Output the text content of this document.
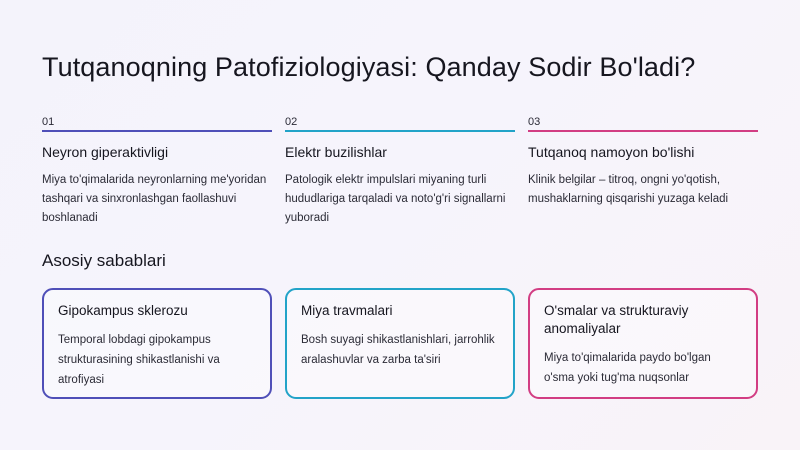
Tutqanoqning Patofiziologiyasi: Qanday Sodir Bo'ladi?
01
Neyron giperaktivligi
Miya to'qimalarida neyronlarning me'yoridan tashqari va sinxronlashgan faollashuvi boshlanadi
02
Elektr buzilishlar
Patologik elektr impulslari miyaning turli hududlariga tarqaladi va noto'g'ri signallarni yuboradi
03
Tutqanoq namoyon bo'lishi
Klinik belgilar – titroq, ongni yo'qotish, mushaklarning qisqarishi yuzaga keladi
Asosiy sabablari
Gipokampus sklerozu
Temporal lobdagi gipokampus strukturasining shikastlanishi va atrofiyasi
Miya travmalari
Bosh suyagi shikastlanishlari, jarrohlik aralashuvlar va zarba ta'siri
O'smalar va strukturaviy anomaliyalar
Miya to'qimalarida paydo bo'lgan o'sma yoki tug'ma nuqsonlar
